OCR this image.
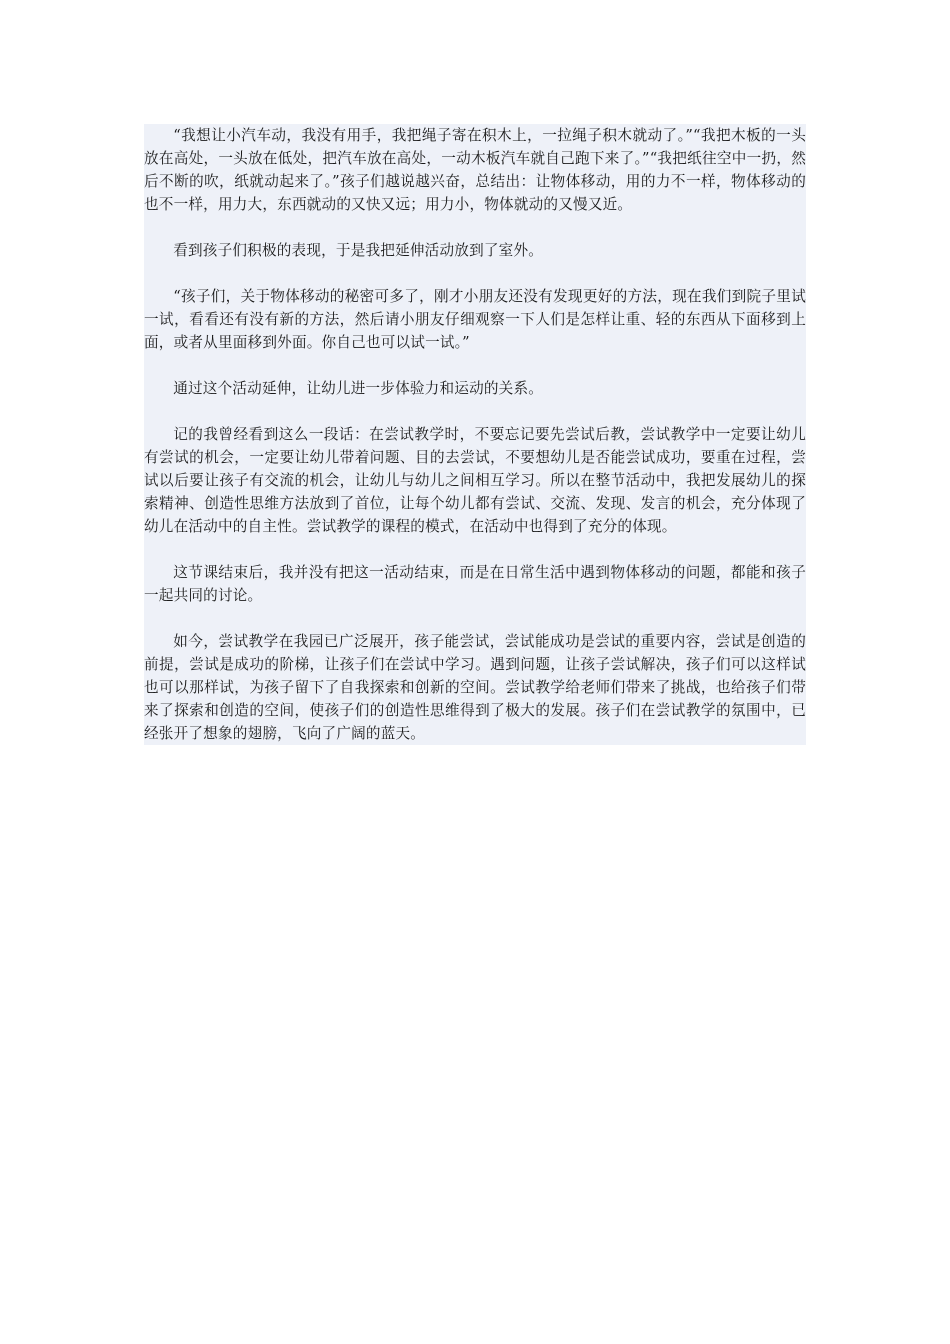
“我想让小汽车动，我没有用手，我把绳子寄在积木上，一拉绳子积木就动了。”“我把木板的一头放在高处，一头放在低处，把汽车放在高处，一动木板汽车就自己跑下来了。”“我把纸往空中一扔，然后不断的吹，纸就动起来了。”孩子们越说越兴奋，总结出：让物体移动，用的力不一样，物体移动的也不一样，用力大，东西就动的又快又远；用力小，物体就动的又慢又近。

看到孩子们积极的表现，于是我把延伸活动放到了室外。

“孩子们，关于物体移动的秘密可多了，刚才小朋友还没有发现更好的方法，现在我们到院子里试一试，看看还有没有新的方法，然后请小朋友仔细观察一下人们是怎样让重、轻的东西从下面移到上面，或者从里面移到外面。你自己也可以试一试。”

通过这个活动延伸，让幼儿进一步体验力和运动的关系。

记的我曾经看到这么一段话：在尝试教学时，不要忘记要先尝试后教，尝试教学中一定要让幼儿有尝试的机会，一定要让幼儿带着问题、目的去尝试，不要想幼儿是否能尝试成功，要重在过程，尝试以后要让孩子有交流的机会，让幼儿与幼儿之间相互学习。所以在整节活动中，我把发展幼儿的探索精神、创造性思维方法放到了首位，让每个幼儿都有尝试、交流、发现、发言的机会，充分体现了幼儿在活动中的自主性。尝试教学的课程的模式，在活动中也得到了充分的体现。

这节课结束后，我并没有把这一活动结束，而是在日常生活中遇到物体移动的问题，都能和孩子一起共同的讨论。

如今，尝试教学在我园已广泛展开，孩子能尝试，尝试能成功是尝试的重要内容，尝试是创造的前提，尝试是成功的阶梯，让孩子们在尝试中学习。遇到问题，让孩子尝试解决，孩子们可以这样试也可以那样试，为孩子留下了自我探索和创新的空间。尝试教学给老师们带来了挑战，也给孩子们带来了探索和创造的空间，使孩子们的创造性思维得到了极大的发展。孩子们在尝试教学的氛围中，已经张开了想象的翅膀，飞向了广阔的蓝天。
